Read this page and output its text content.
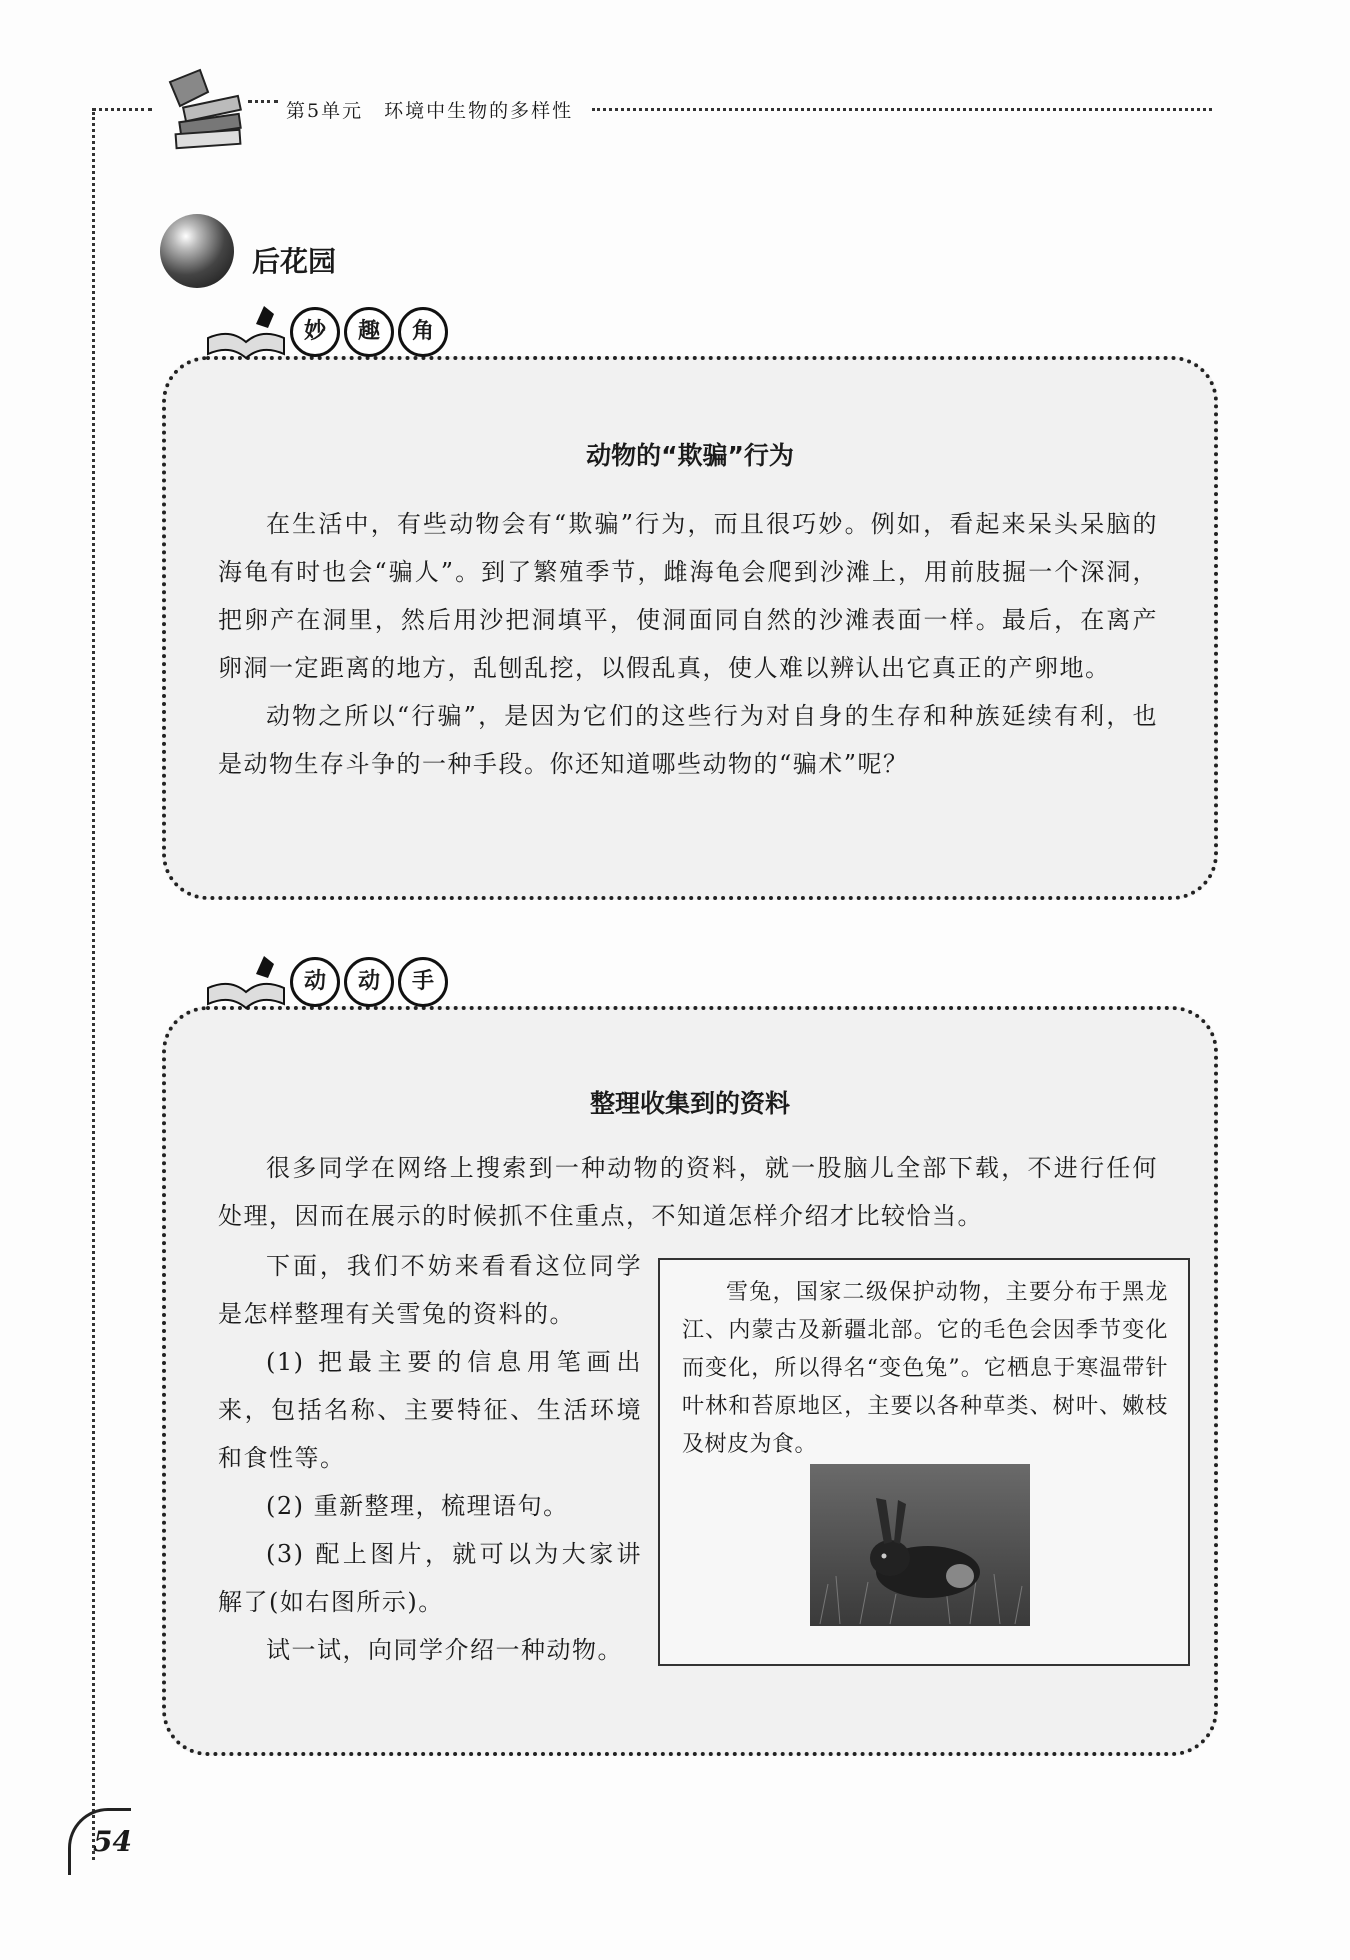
第5单元　环境中生物的多样性
后花园
妙	趣	角
动物的“欺骗”行为

在生活中，有些动物会有“欺骗”行为，而且很巧妙。例如，看起来呆头呆脑的海龟有时也会“骗人”。到了繁殖季节，雌海龟会爬到沙滩上，用前肢掘一个深洞，把卵产在洞里，然后用沙把洞填平，使洞面同自然的沙滩表面一样。最后，在离产卵洞一定距离的地方，乱刨乱挖，以假乱真，使人难以辨认出它真正的产卵地。

动物之所以“行骗”，是因为它们的这些行为对自身的生存和种族延续有利，也是动物生存斗争的一种手段。你还知道哪些动物的“骗术”呢？

动	动	手
整理收集到的资料

很多同学在网络上搜索到一种动物的资料，就一股脑儿全部下载，不进行任何处理，因而在展示的时候抓不住重点，不知道怎样介绍才比较恰当。

下面，我们不妨来看看这位同学是怎样整理有关雪兔的资料的。

(1) 把最主要的信息用笔画出来，包括名称、主要特征、生活环境和食性等。

(2) 重新整理，梳理语句。

(3) 配上图片，就可以为大家讲解了(如右图所示)。

试一试，向同学介绍一种动物。

雪兔，国家二级保护动物，主要分布于黑龙江、内蒙古及新疆北部。它的毛色会因季节变化而变化，所以得名“变色兔”。它栖息于寒温带针叶林和苔原地区，主要以各种草类、树叶、嫩枝及树皮为食。

54
